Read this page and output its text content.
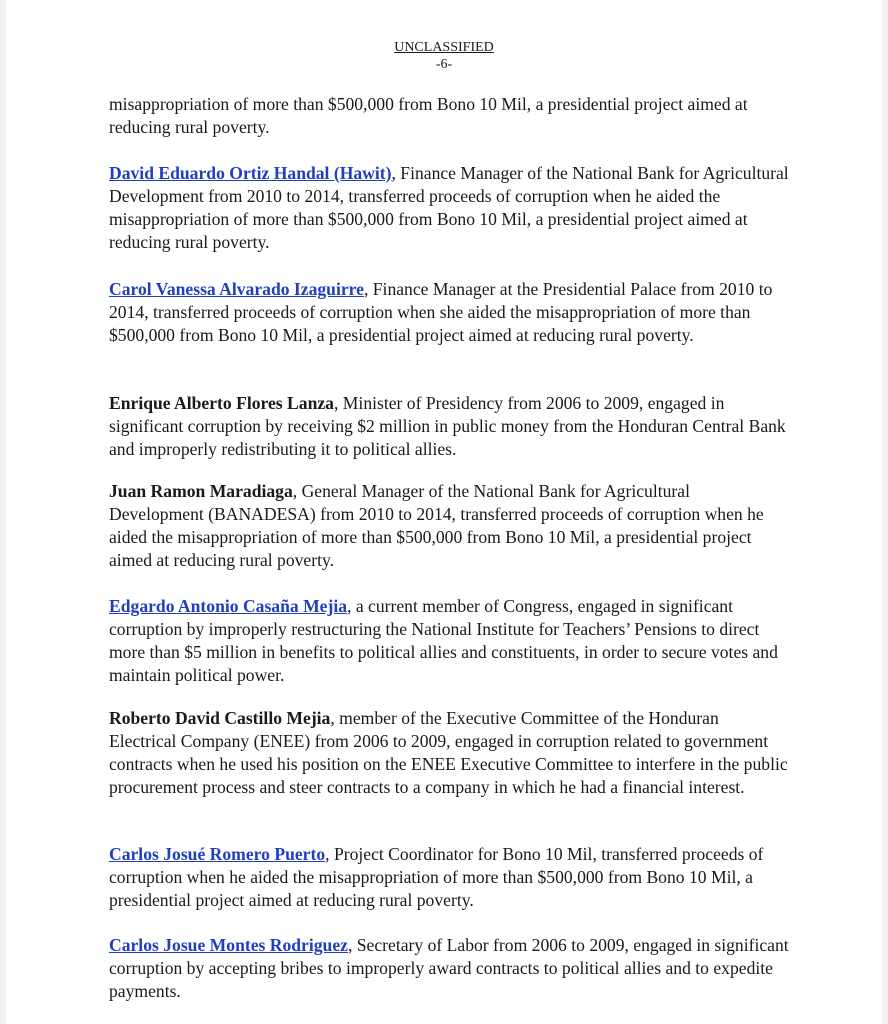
UNCLASSIFIED
-6-

misappropriation of more than $500,000 from Bono 10 Mil, a presidential project aimed at reducing rural poverty.

David Eduardo Ortiz Handal (Hawit), Finance Manager of the National Bank for Agricultural Development from 2010 to 2014, transferred proceeds of corruption when he aided the misappropriation of more than $500,000 from Bono 10 Mil, a presidential project aimed at reducing rural poverty.

Carol Vanessa Alvarado Izaguirre, Finance Manager at the Presidential Palace from 2010 to 2014, transferred proceeds of corruption when she aided the misappropriation of more than $500,000 from Bono 10 Mil, a presidential project aimed at reducing rural poverty.

Enrique Alberto Flores Lanza, Minister of Presidency from 2006 to 2009, engaged in significant corruption by receiving $2 million in public money from the Honduran Central Bank and improperly redistributing it to political allies.

Juan Ramon Maradiaga, General Manager of the National Bank for Agricultural Development (BANADESA) from 2010 to 2014, transferred proceeds of corruption when he aided the misappropriation of more than $500,000 from Bono 10 Mil, a presidential project aimed at reducing rural poverty.

Edgardo Antonio Casaña Mejia, a current member of Congress, engaged in significant corruption by improperly restructuring the National Institute for Teachers’ Pensions to direct more than $5 million in benefits to political allies and constituents, in order to secure votes and maintain political power.

Roberto David Castillo Mejia, member of the Executive Committee of the Honduran Electrical Company (ENEE) from 2006 to 2009, engaged in corruption related to government contracts when he used his position on the ENEE Executive Committee to interfere in the public procurement process and steer contracts to a company in which he had a financial interest.

Carlos Josué Romero Puerto, Project Coordinator for Bono 10 Mil, transferred proceeds of corruption when he aided the misappropriation of more than $500,000 from Bono 10 Mil, a presidential project aimed at reducing rural poverty.

Carlos Josue Montes Rodriguez, Secretary of Labor from 2006 to 2009, engaged in significant corruption by accepting bribes to improperly award contracts to political allies and to expedite payments.
